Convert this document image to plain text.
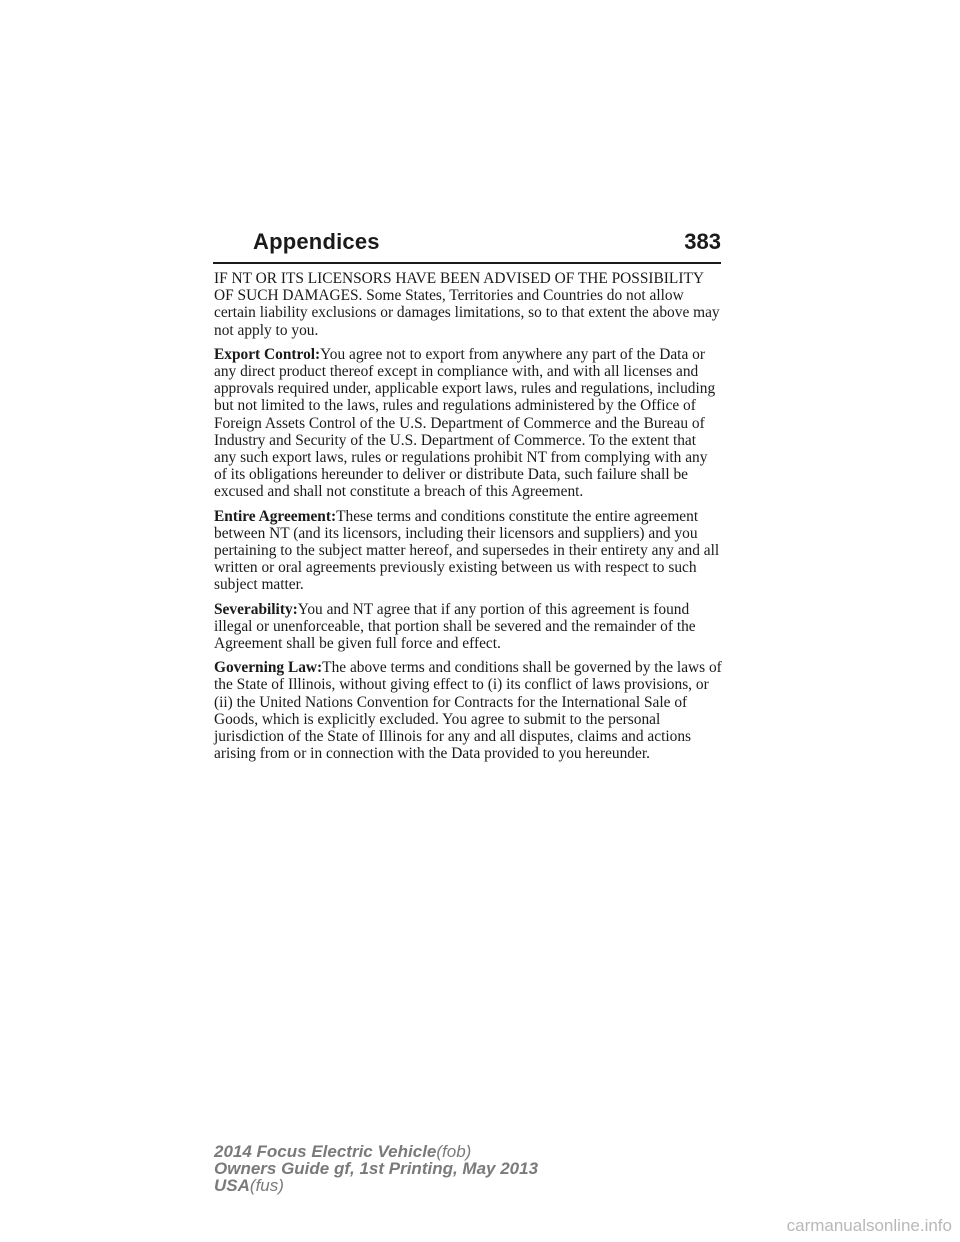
Appendices	383

IF NT OR ITS LICENSORS HAVE BEEN ADVISED OF THE POSSIBILITY OF SUCH DAMAGES. Some States, Territories and Countries do not allow certain liability exclusions or damages limitations, so to that extent the above may not apply to you.

Export Control:You agree not to export from anywhere any part of the Data or any direct product thereof except in compliance with, and with all licenses and approvals required under, applicable export laws, rules and regulations, including but not limited to the laws, rules and regulations administered by the Office of Foreign Assets Control of the U.S. Department of Commerce and the Bureau of Industry and Security of the U.S. Department of Commerce. To the extent that any such export laws, rules or regulations prohibit NT from complying with any of its obligations hereunder to deliver or distribute Data, such failure shall be excused and shall not constitute a breach of this Agreement.

Entire Agreement:These terms and conditions constitute the entire agreement between NT (and its licensors, including their licensors and suppliers) and you pertaining to the subject matter hereof, and supersedes in their entirety any and all written or oral agreements previously existing between us with respect to such subject matter.

Severability:You and NT agree that if any portion of this agreement is found illegal or unenforceable, that portion shall be severed and the remainder of the Agreement shall be given full force and effect.

Governing Law:The above terms and conditions shall be governed by the laws of the State of Illinois, without giving effect to (i) its conflict of laws provisions, or (ii) the United Nations Convention for Contracts for the International Sale of Goods, which is explicitly excluded. You agree to submit to the personal jurisdiction of the State of Illinois for any and all disputes, claims and actions arising from or in connection with the Data provided to you hereunder.

2014 Focus Electric Vehicle(fob)
Owners Guide gf, 1st Printing, May 2013
USA(fus)
carmanualsonline.info
